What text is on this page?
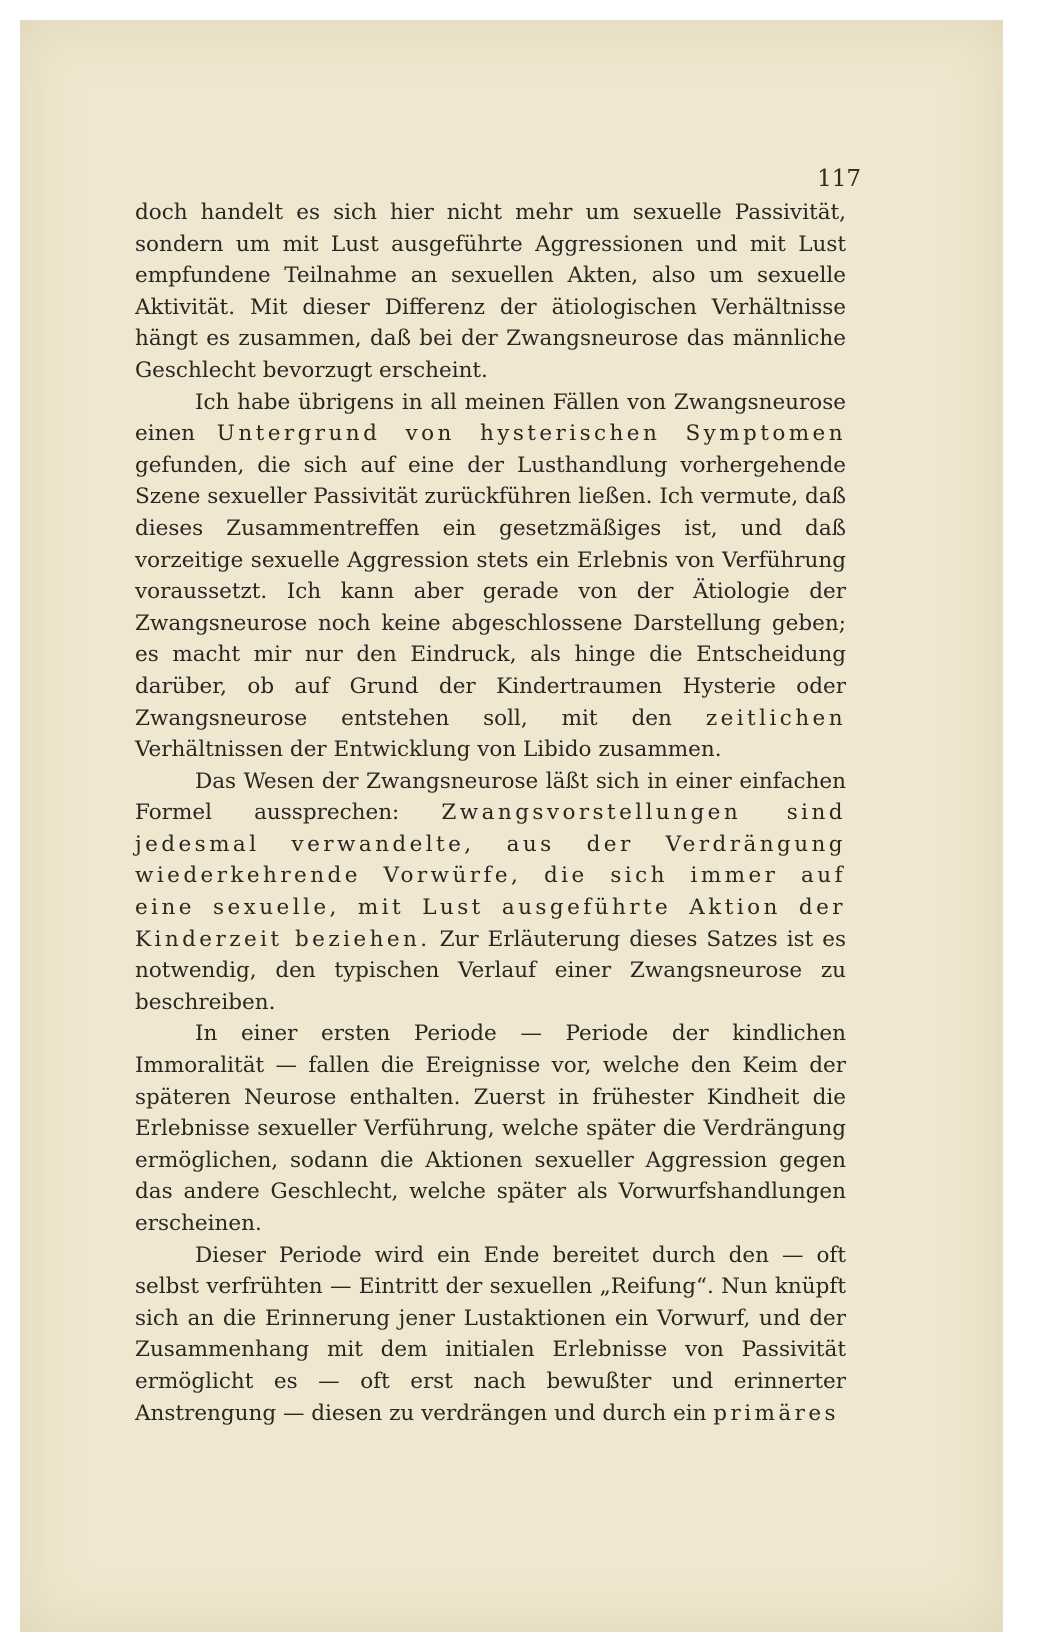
117

doch handelt es sich hier nicht mehr um sexuelle Passivität, sondern um mit Lust ausgeführte Aggressionen und mit Lust empfundene Teilnahme an sexuellen Akten, also um sexuelle Aktivität. Mit dieser Differenz der ätiologischen Verhältnisse hängt es zusammen, daß bei der Zwangsneurose das männliche Geschlecht bevorzugt erscheint.

Ich habe übrigens in all meinen Fällen von Zwangsneurose einen Untergrund von hysterischen Symptomen gefunden, die sich auf eine der Lusthandlung vorhergehende Szene sexueller Passivität zurückführen ließen. Ich vermute, daß dieses Zusammentreffen ein gesetzmäßiges ist, und daß vorzeitige sexuelle Aggression stets ein Erlebnis von Verführung voraussetzt. Ich kann aber gerade von der Ätiologie der Zwangsneurose noch keine abgeschlossene Darstellung geben; es macht mir nur den Eindruck, als hinge die Entscheidung darüber, ob auf Grund der Kindertraumen Hysterie oder Zwangsneurose entstehen soll, mit den zeitlichen Verhältnissen der Entwicklung von Libido zusammen.

Das Wesen der Zwangsneurose läßt sich in einer einfachen Formel aussprechen: Zwangsvorstellungen sind jedesmal verwandelte, aus der Verdrängung wiederkehrende Vorwürfe, die sich immer auf eine sexuelle, mit Lust ausgeführte Aktion der Kinderzeit beziehen. Zur Erläuterung dieses Satzes ist es notwendig, den typischen Verlauf einer Zwangsneurose zu beschreiben.

In einer ersten Periode — Periode der kindlichen Immoralität — fallen die Ereignisse vor, welche den Keim der späteren Neurose enthalten. Zuerst in frühester Kindheit die Erlebnisse sexueller Verführung, welche später die Verdrängung ermöglichen, sodann die Aktionen sexueller Aggression gegen das andere Geschlecht, welche später als Vorwurfshandlungen erscheinen.

Dieser Periode wird ein Ende bereitet durch den — oft selbst verfrühten — Eintritt der sexuellen „Reifung“. Nun knüpft sich an die Erinnerung jener Lustaktionen ein Vorwurf, und der Zusammenhang mit dem initialen Erlebnisse von Passivität ermöglicht es — oft erst nach bewußter und erinnerter Anstrengung — diesen zu verdrängen und durch ein primäres
